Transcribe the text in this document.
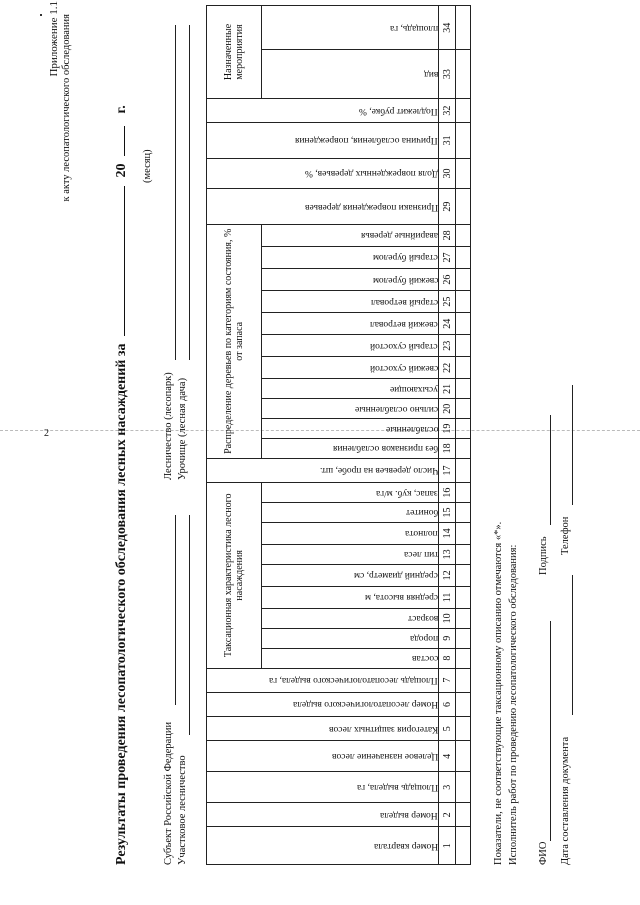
2
Приложение 1.1 к акту лесопатологического обследования
Результаты проведения лесопатологического обследования лесных насаждений за20г.
(месяц)
Субъект Российской Федерации Участковое лесничество
Лесничество (лесопарк) Урочище (лесная дача)
Номер квартала	Номер выдела	Площадь выдела, га	Целевое назначение лесов	Категория защитных лесов	Номер лесопатологического выдела	Площадь лесопатологического выдела, га	Таксационная характеристика лесного насаждения									Число деревьев на пробе, шт.	Распределение деревьев по категориям состояния, % от запаса											Признаки повреждения деревьев	Доля поврежденных деревьев, %	Причина ослабления, повреждения	Подлежит рубке, %	Назначенные мероприятия	

							состав	порода	возраст	средняя высота, м	средний диаметр, см	тип леса	полнота	бонитет	запас, куб. м/га		без признаков ослабления	ослабленные	сильно ослабленные	усыхающие	свежий сухостой	старый сухостой	свежий ветровал	старый ветровал	свежий бурелом	старый бурелом	аварийные деревья					вид	площадь, га

1	2	3	4	5	6	7	8	9	10	11	12	13	14	15	16	17	18	19	20	21	22	23	24	25	26	27	28	29	30	31	32	33	34

Показатели, не соответствующие таксационному описанию отмечаются «*». Исполнитель работ по проведению лесопатологического обследования: ФИО
Подпись
Дата составления документа
Телефон
